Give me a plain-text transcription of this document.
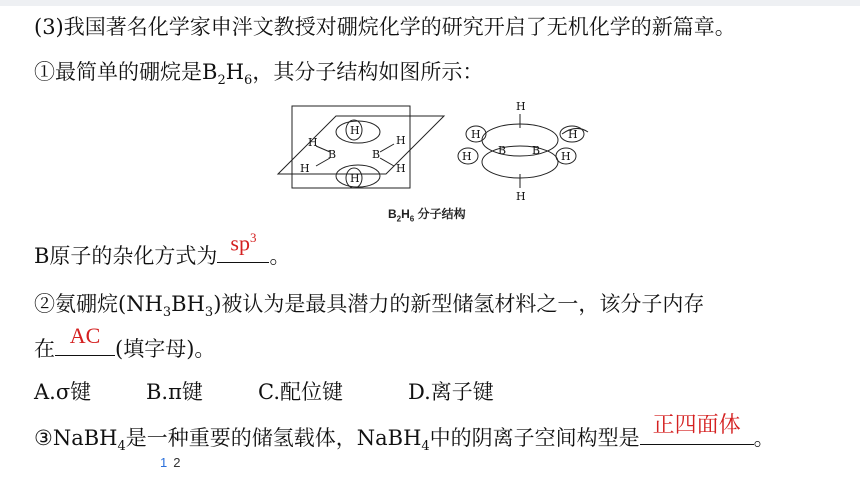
(3)我国著名化学家申泮文教授对硼烷化学的研究开启了无机化学的新篇章。
①最简单的硼烷是$B_2H_6$，其分子结构如图所示：
B	B
H
H
H
H
H
H
B B
H
H
H
H
H
H
$B_2H_6$ 分子结构
B原子的杂化方式为
$sp^3$
。
②氨硼烷$(NH_3BH_3)$被认为是最具潜力的新型储氢材料之一，该分子内存
在
AC
(填字母)。
A.σ键	B.π键	C.配位键	D.离子键
③NaBH$_4$是一种重要的储氢载体，NaBH$_4$中的阴离子空间构型是
正四面体
。
1 2
